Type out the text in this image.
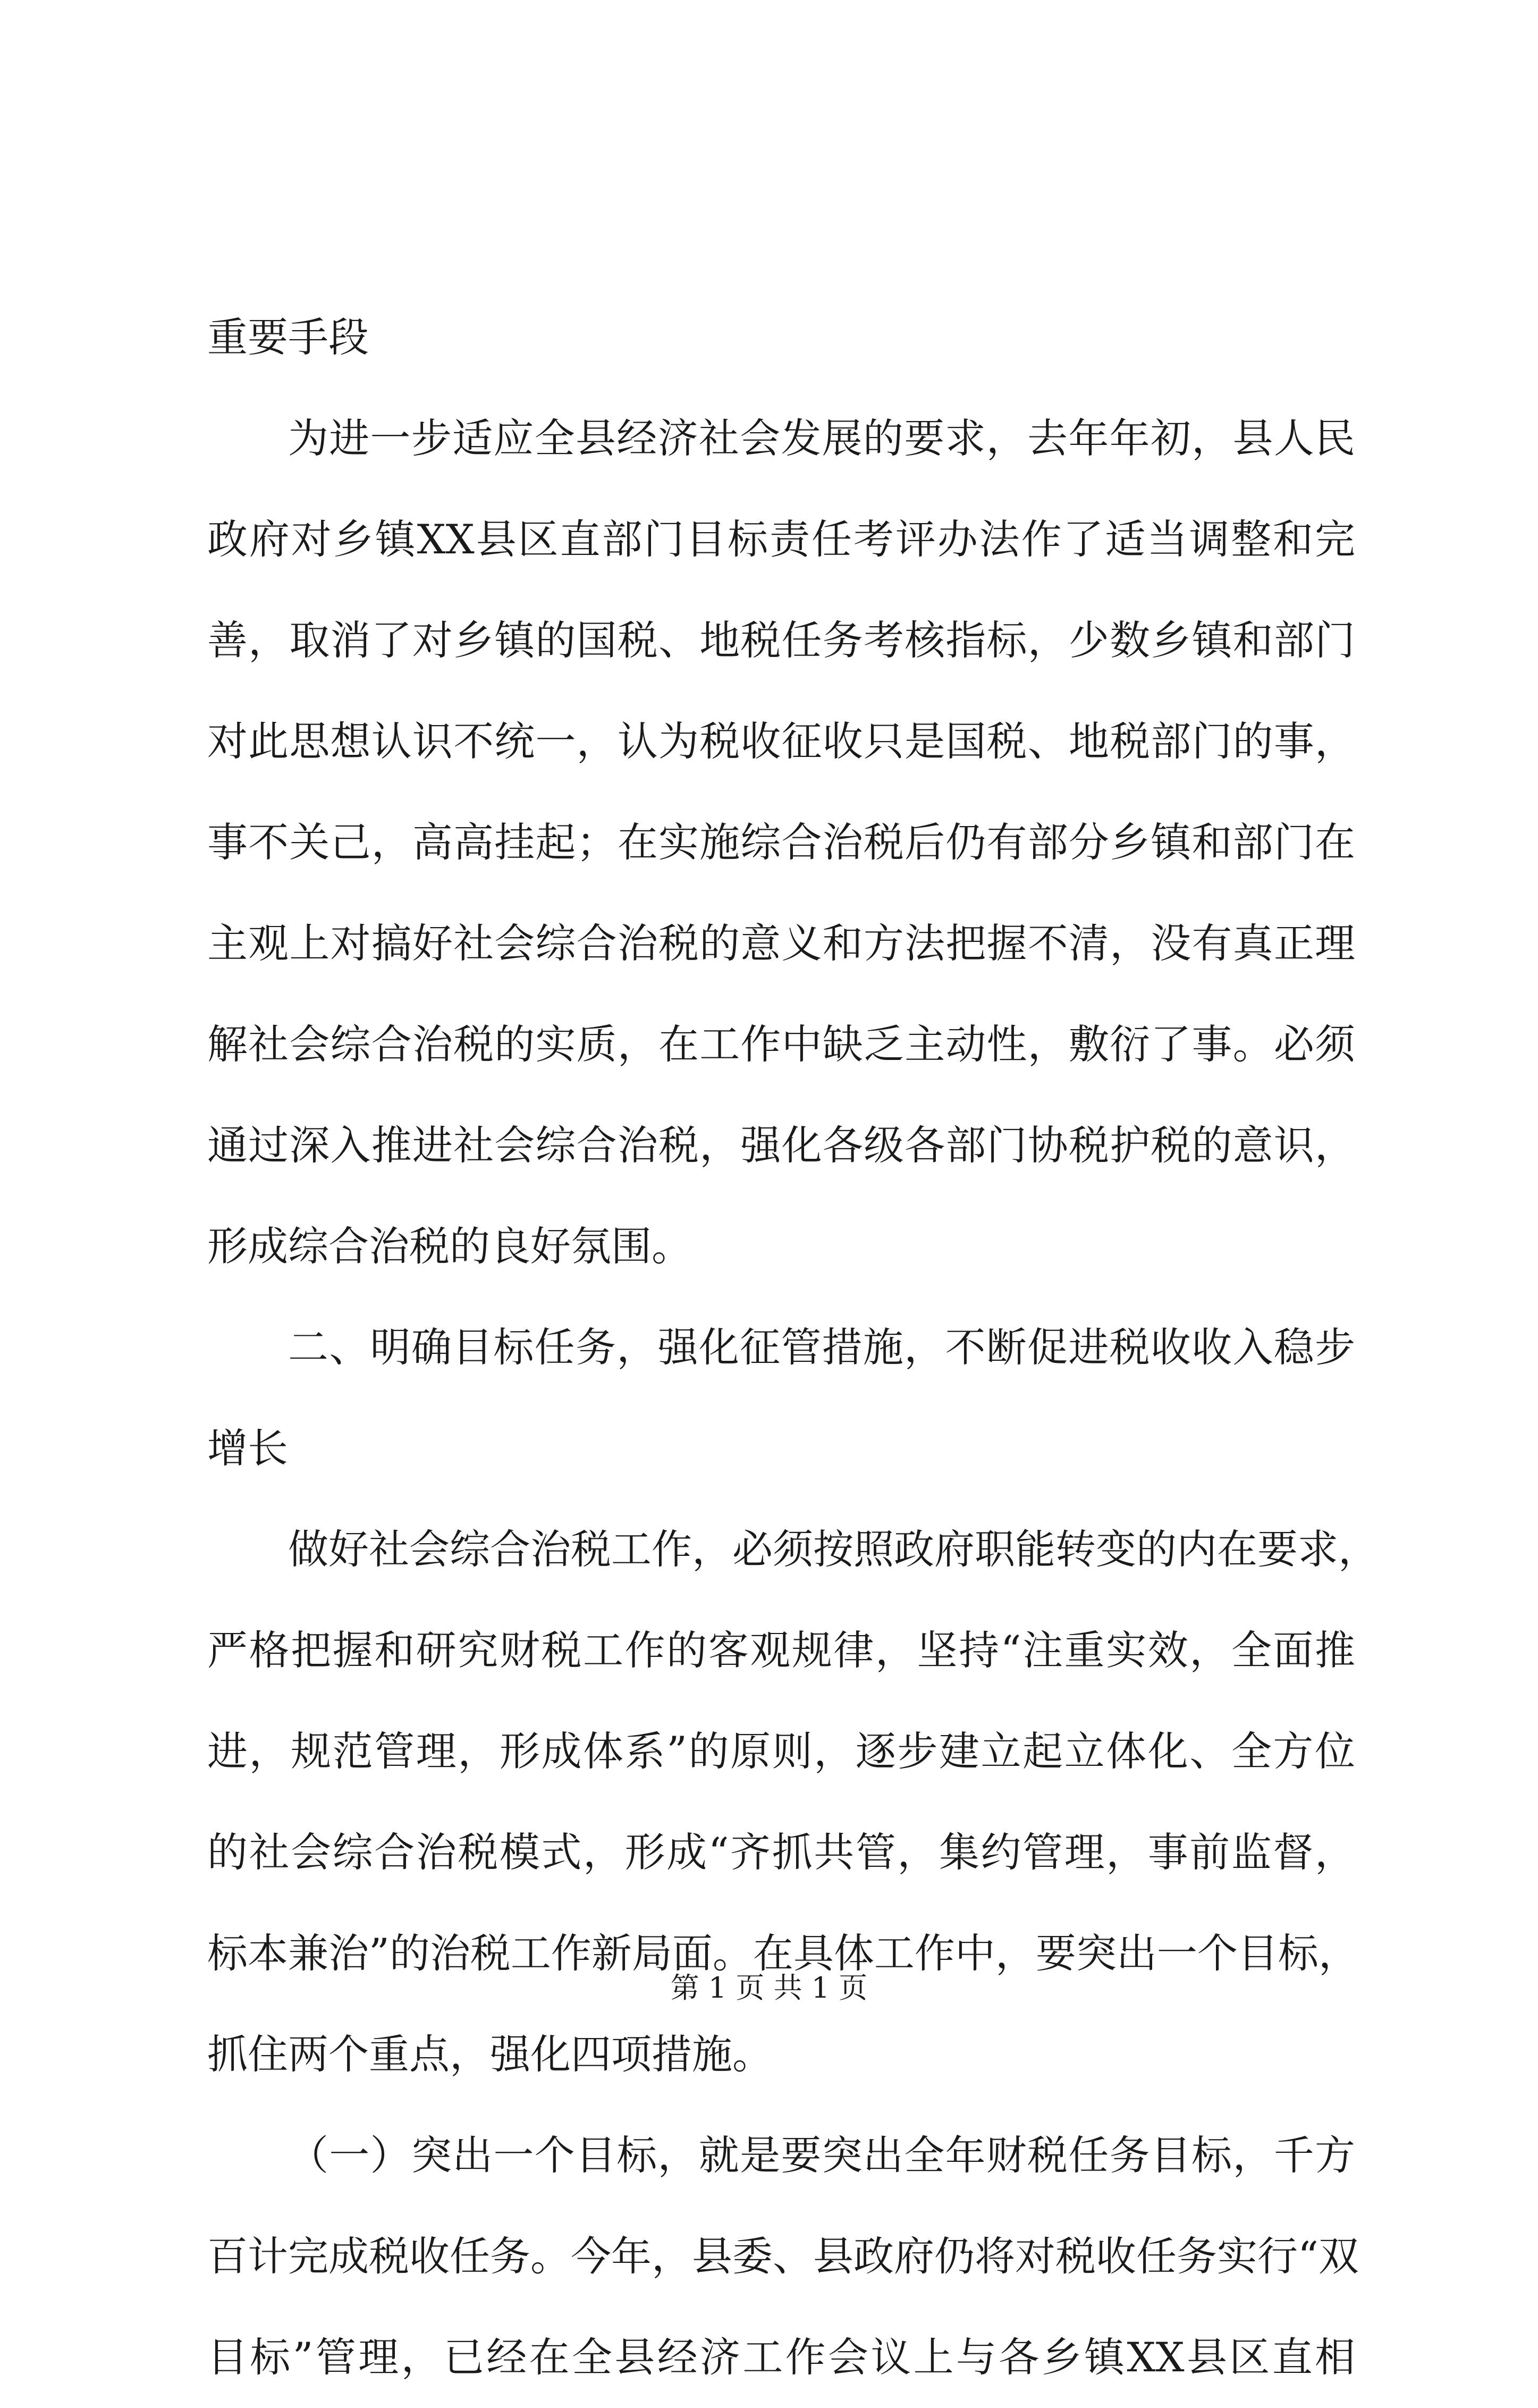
重要手段
为进一步适应全县经济社会发展的要求，去年年初，县人民
政府对乡镇XX县区直部门目标责任考评办法作了适当调整和完
善，取消了对乡镇的国税、地税任务考核指标，少数乡镇和部门
对此思想认识不统一，认为税收征收只是国税、地税部门的事，
事不关己，高高挂起；在实施综合治税后仍有部分乡镇和部门在
主观上对搞好社会综合治税的意义和方法把握不清，没有真正理
解社会综合治税的实质，在工作中缺乏主动性，敷衍了事。必须
通过深入推进社会综合治税，强化各级各部门协税护税的意识，
形成综合治税的良好氛围。
二、明确目标任务，强化征管措施，不断促进税收收入稳步
增长
做好社会综合治税工作，必须按照政府职能转变的内在要求，
严格把握和研究财税工作的客观规律，坚持“注重实效，全面推
进，规范管理，形成体系”的原则，逐步建立起立体化、全方位
的社会综合治税模式，形成“齐抓共管，集约管理，事前监督，
标本兼治”的治税工作新局面。在具体工作中，要突出一个目标，
抓住两个重点，强化四项措施。
（一）突出一个目标，就是要突出全年财税任务目标，千方
百计完成税收任务。今年，县委、县政府仍将对税收任务实行“双
目标”管理，已经在全县经济工作会议上与各乡镇XX县区直相
第 1 页 共 1 页
